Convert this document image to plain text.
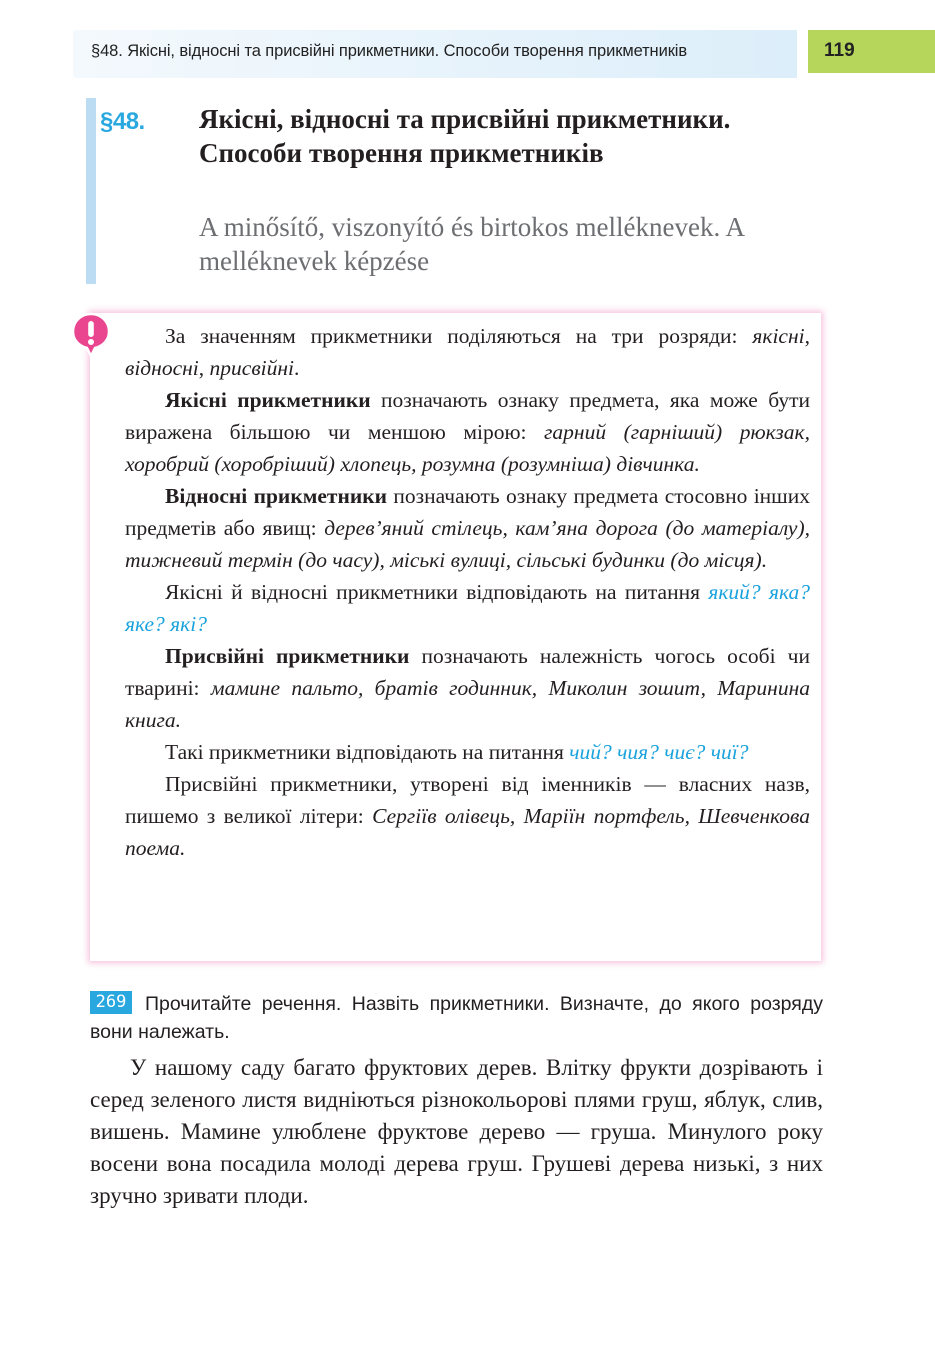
§48. Якісні, відносні та присвійні прикметники. Способи творення прикметників	119
§48. Якісні, відносні та присвійні прикметники. Способи творення прикметників
A minősítő, viszonyító és birtokos melléknevek. A melléknevek képzése

За значенням прикметники поділяються на три розряди: якісні, відносні, присвійні.

Якісні прикметники позначають ознаку предмета, яка може бути виражена більшою чи меншою мірою: гарний (гарніший) рюкзак, хоробрий (хоробріший) хлопець, розумна (розумніша) дівчинка.

Відносні прикметники позначають ознаку предмета стосовно інших предметів або явищ: дерев’яний стілець, кам’яна дорога (до матеріалу), тижневий термін (до часу), міські вулиці, сільські будинки (до місця).

Якісні й відносні прикметники відповідають на питання який? яка? яке? які?

Присвійні прикметники позначають належність чогось особі чи тварині: мамине пальто, братів годинник, Миколин зошит, Маринина книга.

Такі прикметники відповідають на питання чий? чия? чиє? чиї?

Присвійні прикметники, утворені від іменників — власних назв, пишемо з великої літери: Сергіїв олівець, Маріїн портфель, Шевченкова поема.

Прочитайте речення. Назвіть прикметники. Визначте, до якого розряду вони належать.
269
У нашому саду багато фруктових дерев. Влітку фрукти дозрівають і серед зеленого листя видніються різнокольорові плями груш, яблук, слив, вишень. Мамине улюблене фруктове дерево — груша. Минулого року восени вона посадила молоді дерева груш. Грушеві дерева низькі, з них зручно зривати плоди.
